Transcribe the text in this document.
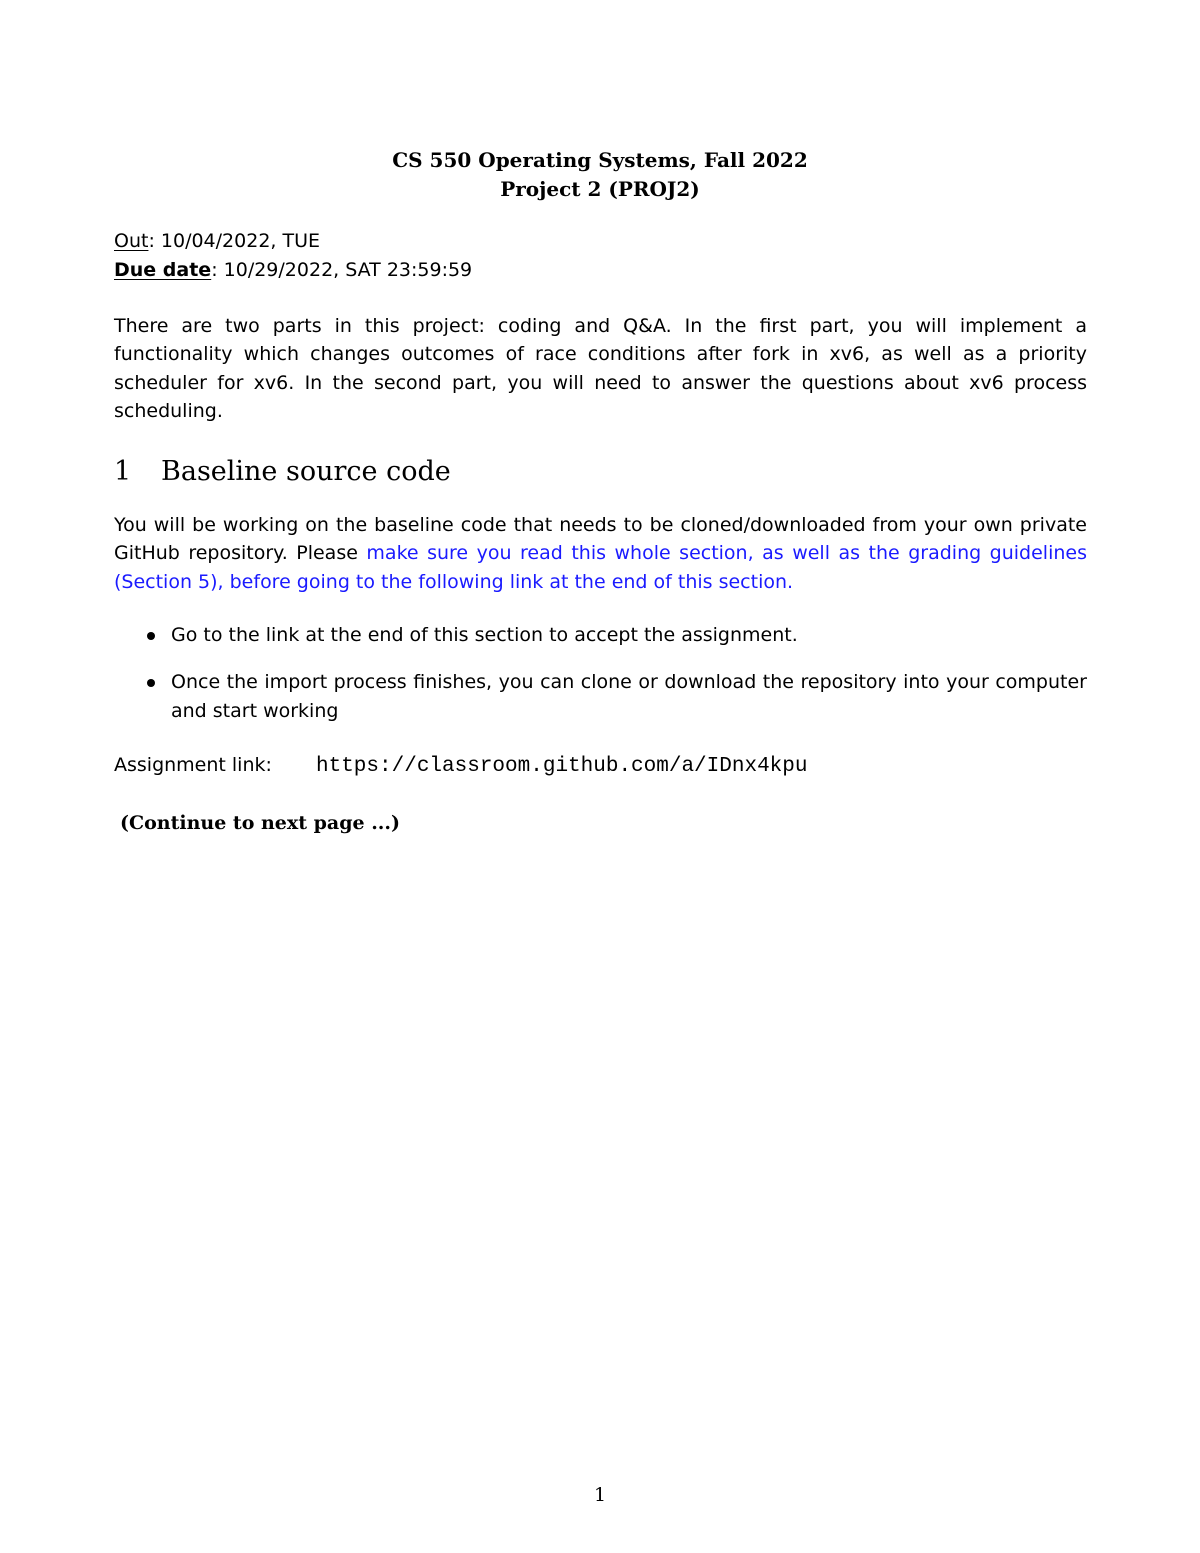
CS 550 Operating Systems, Fall 2022
Project 2 (PROJ2)
Out: 10/04/2022, TUE
Due date: 10/29/2022, SAT 23:59:59

There are two parts in this project: coding and Q&A. In the first part, you will implement a functionality which changes outcomes of race conditions after fork in xv6, as well as a priority scheduler for xv6. In the second part, you will need to answer the questions about xv6 process scheduling.

1 Baseline source code

You will be working on the baseline code that needs to be cloned/downloaded from your own private GitHub repository. Please make sure you read this whole section, as well as the grading guidelines (Section 5), before going to the following link at the end of this section.

Go to the link at the end of this section to accept the assignment.
Once the import process finishes, you can clone or download the repository into your computer and start working
Assignment link: https://classroom.github.com/a/IDnx4kpu
(Continue to next page ...)
1
